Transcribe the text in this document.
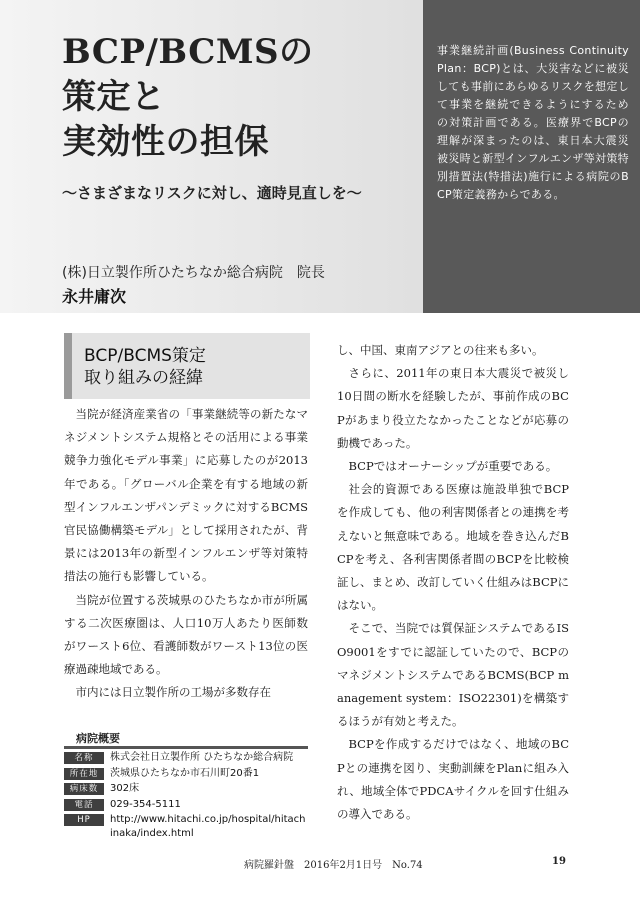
BCP/BCMSの
策定と
実効性の担保
〜さまざまなリスクに対し、適時見直しを〜
(株)日立製作所ひたちなか総合病院　院長
永井庸次

事業継続計画(Business Continuity Plan：BCP)とは、大災害などに被災しても事前にあらゆるリスクを想定して事業を継続できるようにするための対策計画である。医療界でBCPの理解が深まったのは、東日本大震災被災時と新型インフルエンザ等対策特別措置法(特措法)施行による病院のBCP策定義務からである。

BCP/BCMS策定
取り組みの経緯

当院が経済産業省の「事業継続等の新たなマネジメントシステム規格とその活用による事業競争力強化モデル事業」に応募したのが2013年である。「グローバル企業を有する地域の新型インフルエンザパンデミックに対するBCMS官民協働構築モデル」として採用されたが、背景には2013年の新型インフルエンザ等対策特措法の施行も影響している。

当院が位置する茨城県のひたちなか市が所属する二次医療圏は、人口10万人あたり医師数がワースト6位、看護師数がワースト13位の医療過疎地域である。

市内には日立製作所の工場が多数存在

し、中国、東南アジアとの往来も多い。

さらに、2011年の東日本大震災で被災し10日間の断水を経験したが、事前作成のBCPがあまり役立たなかったことなどが応募の動機であった。

BCPではオーナーシップが重要である。

社会的資源である医療は施設単独でBCPを作成しても、他の利害関係者との連携を考えないと無意味である。地域を巻き込んだBCPを考え、各利害関係者間のBCPを比較検証し、まとめ、改訂していく仕組みはBCPにはない。

そこで、当院では質保証システムであるISO9001をすでに認証していたので、BCPのマネジメントシステムであるBCMS(BCP management system：ISO22301)を構築するほうが有効と考えた。

BCPを作成するだけではなく、地域のBCPとの連携を図り、実動訓練をPlanに組み入れ、地域全体でPDCAサイクルを回す仕組みの導入である。

病院概要
名称	株式会社日立製作所 ひたちなか総合病院
所在地	茨城県ひたちなか市石川町20番1
病床数	302床
電話	029-354-5111
HP	http://www.hitachi.co.jp/hospital/hitachinaka/index.html
病院羅針盤　2016年2月1日号　No.74	19
